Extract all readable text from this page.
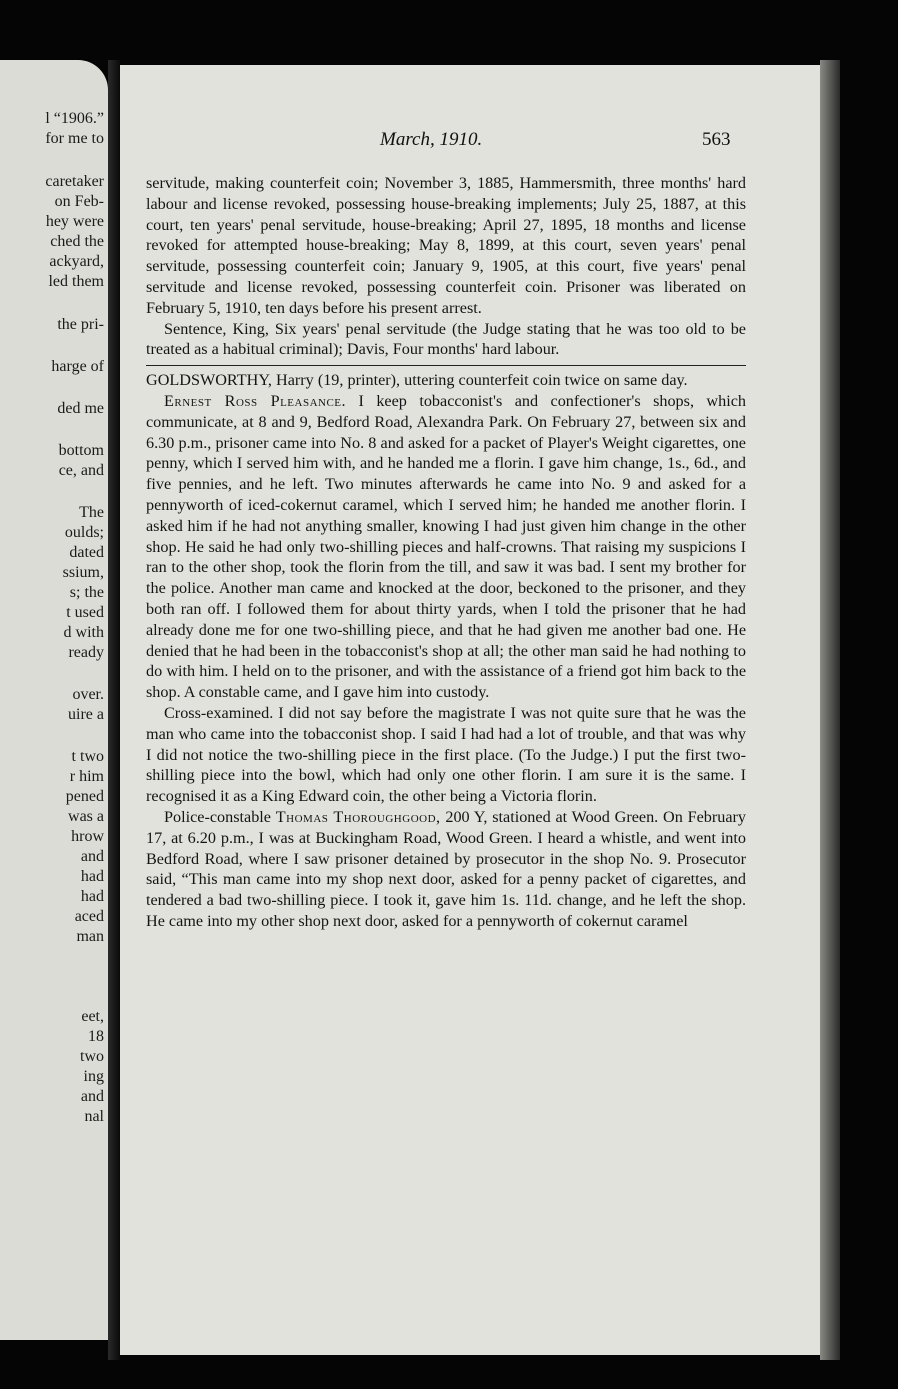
l “1906.”
for me to
caretaker
on Feb-
hey were
ched the
ackyard,
led them
the pri-
harge of
ded me
bottom
ce, and
The
oulds;
dated
ssium,
s; the
t used
d with
ready
over.
uire a
t two
r him
pened
was a
hrow
and
had
had
aced
man
eet,
18
two
ing
and
nal
March, 1910.	563

servitude, making counterfeit coin; November 3, 1885, Hammersmith, three months' hard labour and license revoked, possessing house-breaking implements; July 25, 1887, at this court, ten years' penal servitude, house-breaking; April 27, 1895, 18 months and license revoked for attempted house-breaking; May 8, 1899, at this court, seven years' penal servitude, possessing counterfeit coin; January 9, 1905, at this court, five years' penal servitude and license revoked, possessing counterfeit coin. Prisoner was liberated on February 5, 1910, ten days before his present arrest.

Sentence, King, Six years' penal servitude (the Judge stating that he was too old to be treated as a habitual criminal); Davis, Four months' hard labour.

GOLDSWORTHY, Harry (19, printer), uttering counterfeit coin twice on same day.

Ernest Ross Pleasance. I keep tobacconist's and confectioner's shops, which communicate, at 8 and 9, Bedford Road, Alexandra Park. On February 27, between six and 6.30 p.m., prisoner came into No. 8 and asked for a packet of Player's Weight cigarettes, one penny, which I served him with, and he handed me a florin. I gave him change, 1s., 6d., and five pennies, and he left. Two minutes afterwards he came into No. 9 and asked for a pennyworth of iced-cokernut caramel, which I served him; he handed me another florin. I asked him if he had not anything smaller, knowing I had just given him change in the other shop. He said he had only two-shilling pieces and half-crowns. That raising my suspicions I ran to the other shop, took the florin from the till, and saw it was bad. I sent my brother for the police. Another man came and knocked at the door, beckoned to the prisoner, and they both ran off. I followed them for about thirty yards, when I told the prisoner that he had already done me for one two-shilling piece, and that he had given me another bad one. He denied that he had been in the tobacconist's shop at all; the other man said he had nothing to do with him. I held on to the prisoner, and with the assistance of a friend got him back to the shop. A constable came, and I gave him into custody.

Cross-examined. I did not say before the magistrate I was not quite sure that he was the man who came into the tobacconist shop. I said I had had a lot of trouble, and that was why I did not notice the two-shilling piece in the first place. (To the Judge.) I put the first two-shilling piece into the bowl, which had only one other florin. I am sure it is the same. I recognised it as a King Edward coin, the other being a Victoria florin.

Police-constable Thomas Thoroughgood, 200 Y, stationed at Wood Green. On February 17, at 6.20 p.m., I was at Buckingham Road, Wood Green. I heard a whistle, and went into Bedford Road, where I saw prisoner detained by prosecutor in the shop No. 9. Prosecutor said, “This man came into my shop next door, asked for a penny packet of cigarettes, and tendered a bad two-shilling piece. I took it, gave him 1s. 11d. change, and he left the shop. He came into my other shop next door, asked for a pennyworth of cokernut caramel
